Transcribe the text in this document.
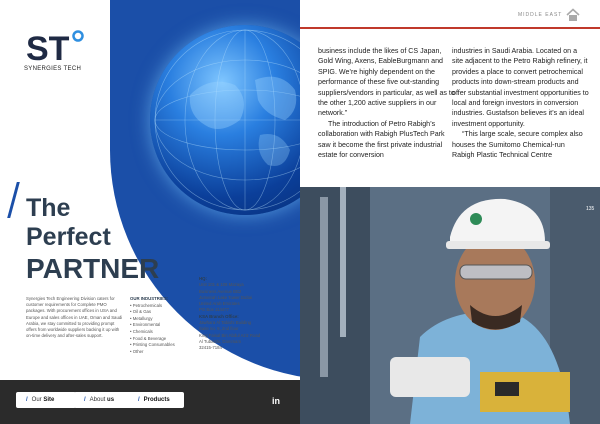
ST
SYNERGIES TECH
The
Perfect
PARTNER
Synergies Tech Engineering Division caters for customer requirements for Complete PMO packages. With procurement offices in USA and Europe and sales offices in UAE, Oman and Saudi Arabia, we stay committed to providing prompt offers from worldwide suppliers backing it up with on-time delivery and after-sales support.
OUR INDUSTRIES:
• Petrochemicals
• Oil & Gas
• Metallurgy
• Environmental
• Chemicals
• Food & Beverage
• Printing Consumables
• Other
HQ:
Unit 101 & 108 Mazaya
Business Avenue BB2
Jumeirah Lake Tower Dubai
United Arab Emirates
PO Box 114477
KSA Branch Office:
Jawhara Al Tabishi Building
Suite no. 9, 2nd floor
King Faisal Bin Abdul Aziz Road
Al Tubaishi, Dammam
32415-7184
/ Our Site	/ About us	/ Products	in
MIDDLE EAST

business include the likes of CS Japan, Gold Wing, Axens, EableBurgmann and SPIG. We’re highly dependent on the performance of these five out-standing suppliers/vendors in particular, as well as to the other 1,200 active suppliers in our network.”

The introduction of Petro Rabigh’s collaboration with Rabigh PlusTech Park saw it become the first private industrial estate for conversion

industries in Saudi Arabia. Located on a site adjacent to the Petro Rabigh refinery, it provides a place to convert petrochemical products into down-stream products and offer substantial investment opportunities to local and foreign investors in conversion industries. Gustafson believes it’s an ideal investment opportunity.

“This large scale, secure complex also houses the Sumitomo Chemical-run Rabigh Plastic Technical Centre

135
